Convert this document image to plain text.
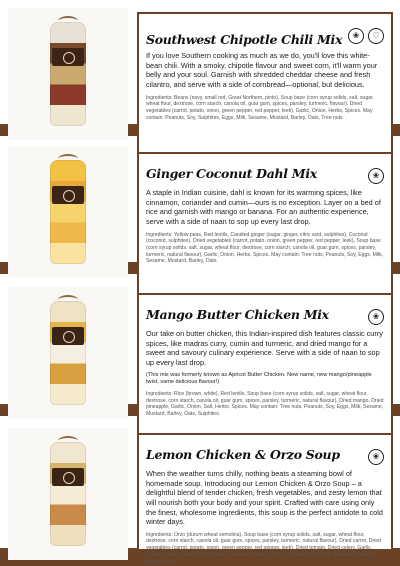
Southwest Chipotle Chili Mix	❀	♡

If you love Southern cooking as much as we do, you'll love this white-bean chili. With a smoky, chipotle flavour and sweet corn, it'll warm your belly and your soul. Garnish with shredded cheddar cheese and fresh cilantro, and serve with a side of cornbread—optional, but delicious.

Ingredients: Beans (navy, small red, Great Northern, pinto), Soup base (corn syrup solids, salt, sugar, wheat flour, dextrose, corn starch, canola oil, guar gum, spices, parsley, turmeric, flavour), Dried vegetables (carrot, potato, onion, green pepper, red pepper, leek), Garlic, Onion, Herbs, Spices. May contain: Peanuts, Soy, Sulphites, Eggs, Milk, Sesame, Mustard, Barley, Oats, Tree nuts.

Ginger Coconut Dahl Mix	❀

A staple in Indian cuisine, dahl is known for its warming spices, like cinnamon, coriander and cumin—ours is no exception. Layer on a bed of rice and garnish with mango or banana. For an authentic experience, serve with a side of naan to sop up every last drop.

Ingredients: Yellow peas, Red lentils, Candied ginger (sugar, ginger, citric acid, sulphites), Coconut (coconut, sulphites), Dried vegetables (carrot, potato, onion, green pepper, red pepper, leek), Soup base (corn syrup solids, salt, sugar, wheat flour, dextrose, corn starch, canola oil, guar gum, spices, parsley, turmeric, natural flavour), Garlic, Onion, Herbs, Spices. May contain: Tree nuts, Peanuts, Soy, Eggs, Milk, Sesame, Mustard, Barley, Oats.

Mango Butter Chicken Mix	❀

Our take on butter chicken, this Indian-inspired dish features classic curry spices, like madras curry, cumin and turmeric, and dried mango for a sweet and savoury culinary experience. Serve with a side of naan to sop up every last drop.

(This mix was formerly known as Apricot Butter Chicken. New name, new mango/pineapple twist, same delicious flavour!)

Ingredients: Rice (brown, white), Red lentils, Soup base (corn syrup solids, salt, sugar, wheat flour, dextrose, corn starch, canola oil, guar gum, spices, parsley, turmeric, natural flavour), Dried mango, Dried pineapple, Garlic, Onion, Salt, Herbs, Spices. May contain: Tree nuts, Peanuts, Soy, Eggs, Milk, Sesame, Mustard, Barley, Oats, Sulphites.

Lemon Chicken & Orzo Soup	❀

When the weather turns chilly, nothing beats a steaming bowl of homemade soup. Introducing our Lemon Chicken & Orzo Soup – a delightful blend of tender chicken, fresh vegetables, and zesty lemon that will nourish both your body and your spirit. Crafted with care using only the finest, wholesome ingredients, this soup is the perfect antidote to cold winter days.

Ingredients: Orzo (durum wheat semolina), Soup base (corn syrup solids, salt, sugar, wheat flour, dextrose, corn starch, canola oil, guar gum, spices, parsley, turmeric, natural flavour), Dried carrot, Dried vegetables (carrot, potato, onion, green pepper, red pepper, leek), Dried tomato, Dried celery, Garlic, Onion, Herbs, Spices. May contain: Tree nuts, Peanuts, Soy, Sulphites, Eggs, Milk, Sesame, Mustard, Barley, Oats.
